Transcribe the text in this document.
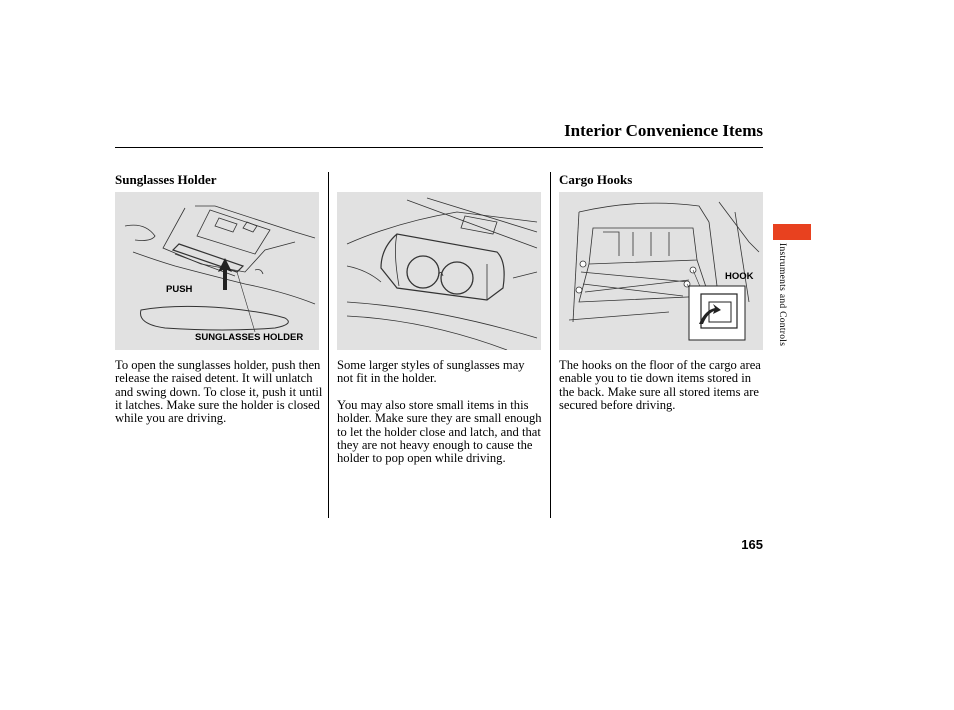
Interior Convenience Items
Sunglasses Holder
PUSH
SUNGLASSES HOLDER
To open the sunglasses holder, push then release the raised detent. It will unlatch and swing down. To close it, push it until it latches. Make sure the holder is closed while you are driving.
Some larger styles of sunglasses may not fit in the holder.
You may also store small items in this holder. Make sure they are small enough to let the holder close and latch, and that they are not heavy enough to cause the holder to pop open while driving.
Cargo Hooks
HOOK
The hooks on the floor of the cargo area enable you to tie down items stored in the back. Make sure all stored items are secured before driving.
Instruments and Controls
165
